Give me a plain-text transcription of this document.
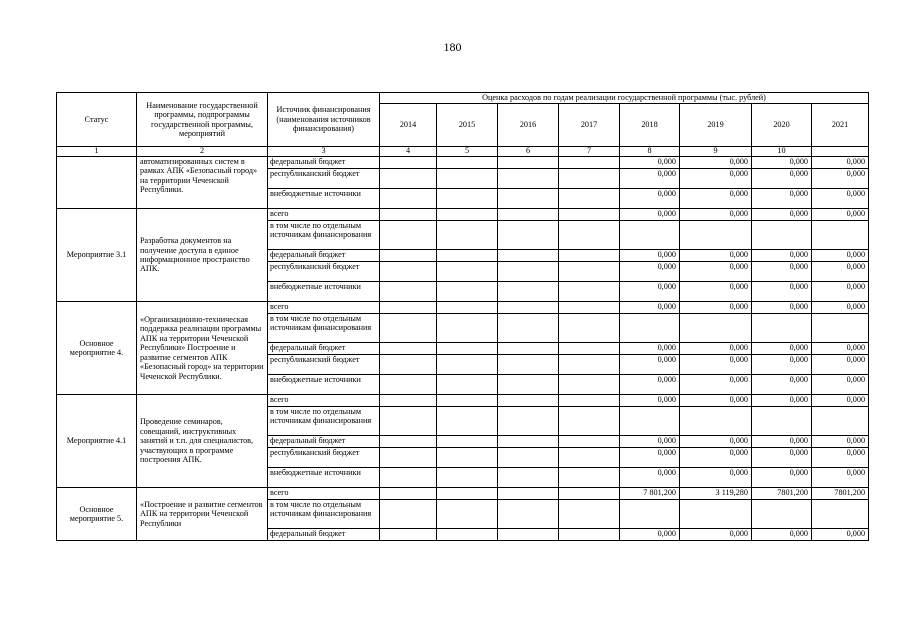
180
Статус	Наименование государственной программы, подпрограммы государственной программы, мероприятий	Источник финансирования (наименования источников финансирования)	Оценка расходов по годам реализации государственной программы (тыс. рублей)							
			2014	2015	2016	2017	2018	2019	2020	2021
1	2	3	4	5	6	7	8	9	10	
	автоматизированных систем в рамках АПК «Безопасный город» на территории Чеченской Республики.	федеральный бюджет					0,000	0,000	0,000	0,000
		республиканский бюджет					0,000	0,000	0,000	0,000
		внебюджетные источники					0,000	0,000	0,000	0,000
Мероприятие 3.1	Разработка документов на получение доступа в единое информационное пространство АПК.	всего					0,000	0,000	0,000	0,000
		в том числе по отдельным источникам финансирования								
		федеральный бюджет					0,000	0,000	0,000	0,000
		республиканский бюджет					0,000	0,000	0,000	0,000
		внебюджетные источники					0,000	0,000	0,000	0,000
Основное мероприятие 4.	«Организационно-техническая поддержка реализации программы АПК на территории Чеченской Республики» Построение и развитие сегментов АПК «Безопасный город» на территории Чеченской Республики.	всего					0,000	0,000	0,000	0,000
		в том числе по отдельным источникам финансирования								
		федеральный бюджет					0,000	0,000	0,000	0,000
		республиканский бюджет					0,000	0,000	0,000	0,000
		внебюджетные источники					0,000	0,000	0,000	0,000
Мероприятие 4.1	Проведение семинаров, совещаний, инструктивных занятий и т.п. для специалистов, участвующих в программе построения АПК.	всего					0,000	0,000	0,000	0,000
		в том числе по отдельным источникам финансирования								
		федеральный бюджет					0,000	0,000	0,000	0,000
		республиканский бюджет					0,000	0,000	0,000	0,000
		внебюджетные источники					0,000	0,000	0,000	0,000
Основное мероприятие 5.	«Построение и развитие сегментов АПК на территории Чеченской Республики	всего					7 801,200	3 119,280	7801,200	7801,200
		в том числе по отдельным источникам финансирования								
		федеральный бюджет					0,000	0,000	0,000	0,000
